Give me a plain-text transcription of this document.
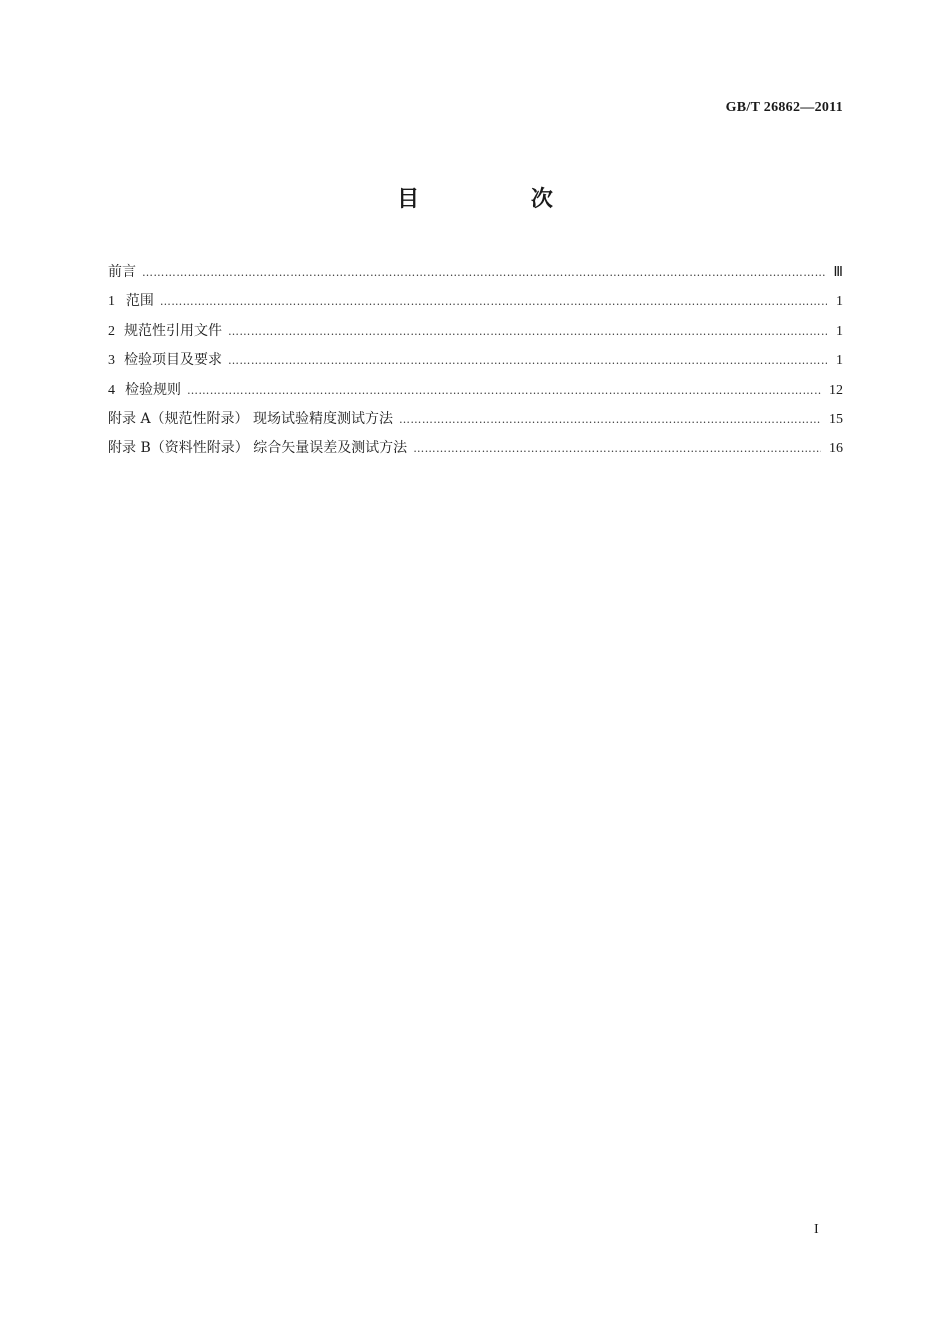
GB/T 26862—2011
目 次
前言 …………………………………………………………………………………………………………………………………………………………………………………………………………………………	Ⅲ
1 范围 …………………………………………………………………………………………………………………………………………………………………………………………………………………………	1
2 规范性引用文件 …………………………………………………………………………………………………………………………………………………………………………………………………………………………	1
3 检验项目及要求 …………………………………………………………………………………………………………………………………………………………………………………………………………………………	1
4 检验规则 …………………………………………………………………………………………………………………………………………………………………………………………………………………………	12
附录 A（规范性附录） 现场试验精度测试方法 …………………………………………………………………………………………………………………………………………………………………………………………………………………………	15
附录 B（资料性附录） 综合矢量误差及测试方法 …………………………………………………………………………………………………………………………………………………………………………………………………………………………	16
I
